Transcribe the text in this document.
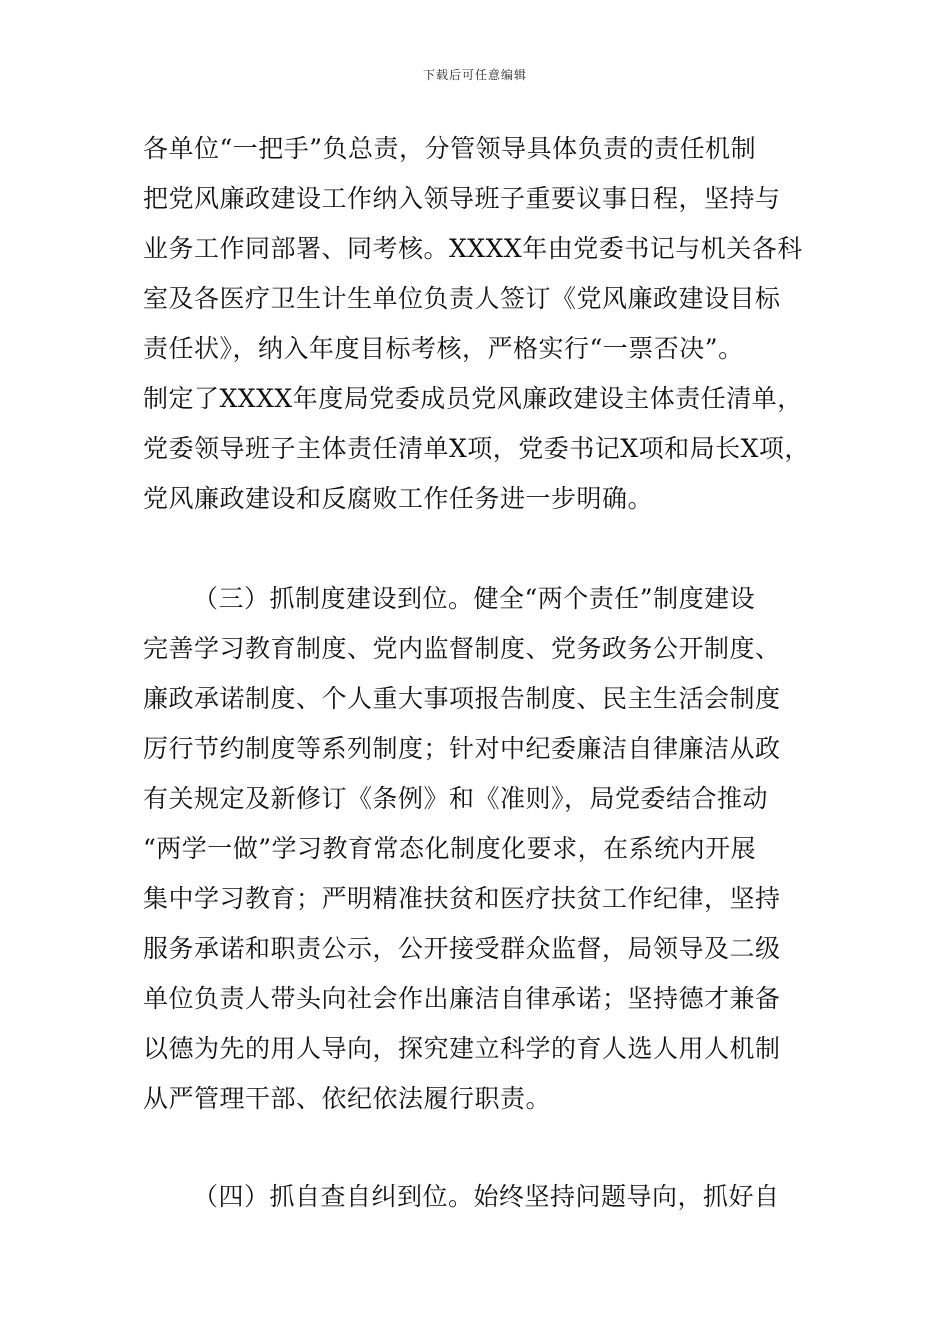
下载后可任意编辑
各单位“一把手”负总责，分管领导具体负责的责任机制
把党风廉政建设工作纳入领导班子重要议事日程，坚持与
业务工作同部署、同考核。XXXX年由党委书记与机关各科
室及各医疗卫生计生单位负责人签订《党风廉政建设目标
责任状》，纳入年度目标考核，严格实行“一票否决”。
制定了XXXX年度局党委成员党风廉政建设主体责任清单，
党委领导班子主体责任清单X项，党委书记X项和局长X项，
党风廉政建设和反腐败工作任务进一步明确。
（三）抓制度建设到位。健全“两个责任”制度建设
完善学习教育制度、党内监督制度、党务政务公开制度、
廉政承诺制度、个人重大事项报告制度、民主生活会制度
厉行节约制度等系列制度；针对中纪委廉洁自律廉洁从政
有关规定及新修订《条例》和《准则》，局党委结合推动
“两学一做”学习教育常态化制度化要求，在系统内开展
集中学习教育；严明精准扶贫和医疗扶贫工作纪律，坚持
服务承诺和职责公示，公开接受群众监督，局领导及二级
单位负责人带头向社会作出廉洁自律承诺；坚持德才兼备
以德为先的用人导向，探究建立科学的育人选人用人机制
从严管理干部、依纪依法履行职责。
（四）抓自查自纠到位。始终坚持问题导向，抓好自
